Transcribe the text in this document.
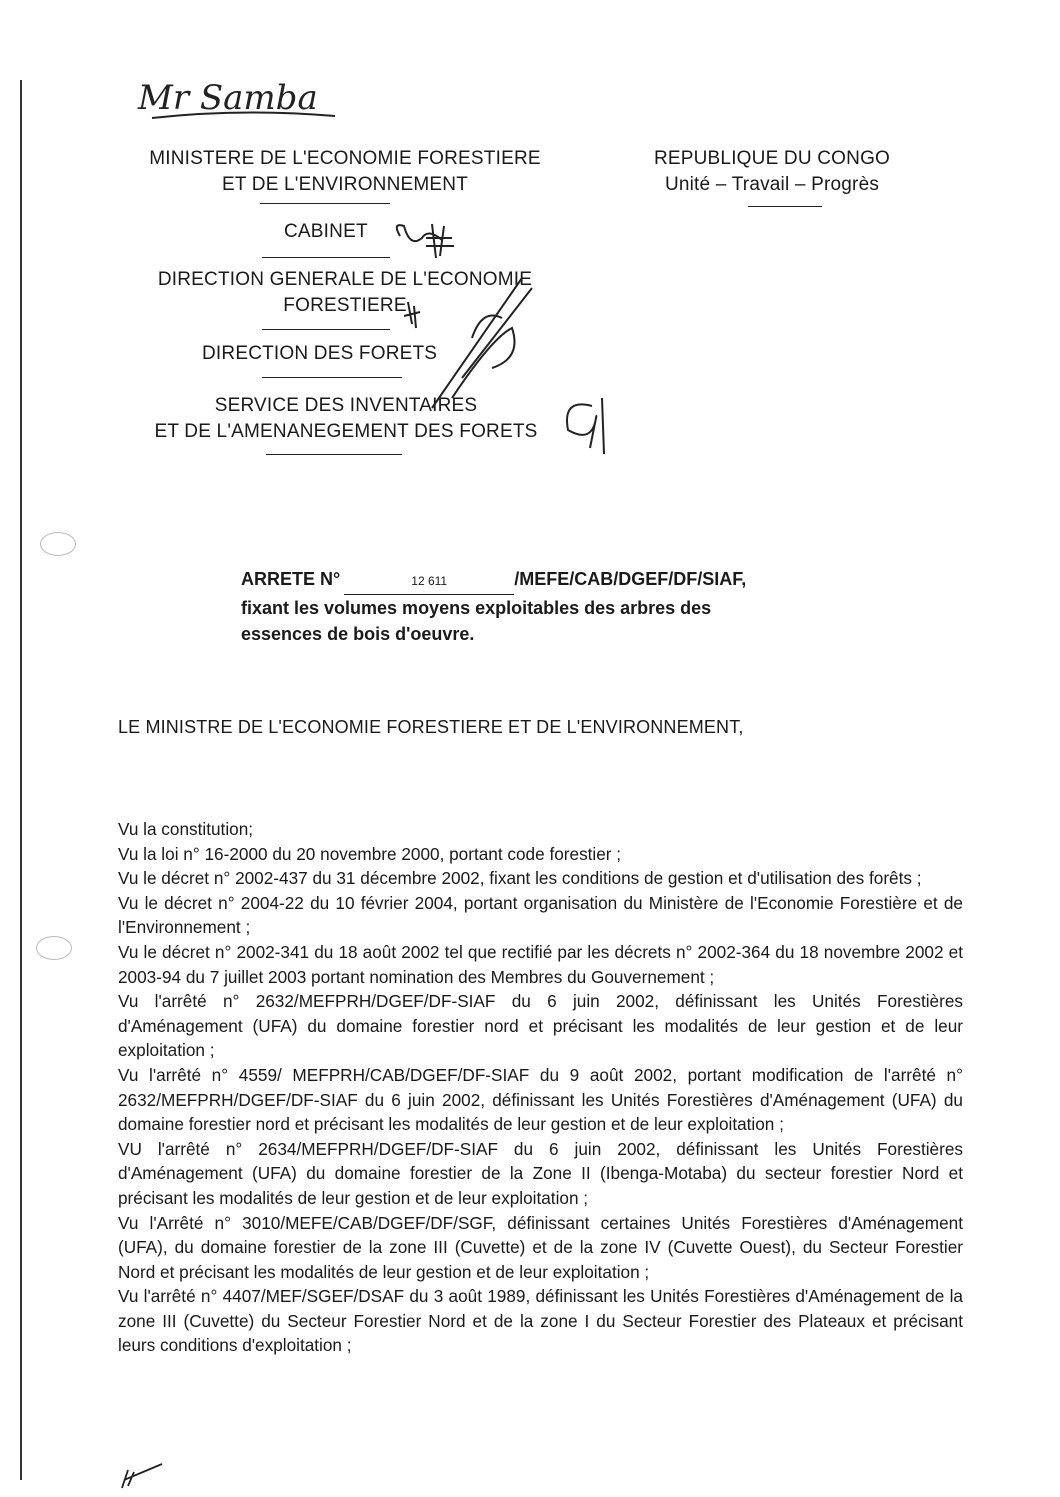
Mr Samba
MINISTERE DE L'ECONOMIE FORESTIERE
ET DE L'ENVIRONNEMENT
CABINET
DIRECTION GENERALE DE L'ECONOMIE
FORESTIERE
DIRECTION DES FORETS
SERVICE DES INVENTAIRES
ET DE L'AMENANEGEMENT DES FORETS
REPUBLIQUE DU CONGO
Unité – Travail – Progrès
ARRETE N°	12 611	/MEFE/CAB/DGEF/DF/SIAF,
fixant les volumes moyens exploitables des arbres des
essences de bois d'oeuvre.
LE MINISTRE DE L'ECONOMIE FORESTIERE ET DE L'ENVIRONNEMENT,

Vu la constitution;

Vu la loi n° 16-2000 du 20 novembre 2000, portant code forestier ;

Vu le décret n° 2002-437 du 31 décembre 2002, fixant les conditions de gestion et d'utilisation des forêts ;

Vu le décret n° 2004-22 du 10 février 2004, portant organisation du Ministère de l'Economie Forestière et de l'Environnement ;

Vu le décret n° 2002-341 du 18 août 2002 tel que rectifié par les décrets n° 2002-364 du 18 novembre 2002 et 2003-94 du 7 juillet 2003 portant nomination des Membres du Gouvernement ;

Vu l'arrêté n° 2632/MEFPRH/DGEF/DF-SIAF du 6 juin 2002, définissant les Unités Forestières d'Aménagement (UFA) du domaine forestier nord et précisant les modalités de leur gestion et de leur exploitation ;

Vu l'arrêté n° 4559/ MEFPRH/CAB/DGEF/DF-SIAF du 9 août 2002, portant modification de l'arrêté n° 2632/MEFPRH/DGEF/DF-SIAF du 6 juin 2002, définissant les Unités Forestières d'Aménagement (UFA) du domaine forestier nord et précisant les modalités de leur gestion et de leur exploitation ;

VU l'arrêté n° 2634/MEFPRH/DGEF/DF-SIAF du 6 juin 2002, définissant les Unités Forestières d'Aménagement (UFA) du domaine forestier de la Zone II (Ibenga-Motaba) du secteur forestier Nord et précisant les modalités de leur gestion et de leur exploitation ;

Vu l'Arrêté n° 3010/MEFE/CAB/DGEF/DF/SGF, définissant certaines Unités Forestières d'Aménagement (UFA), du domaine forestier de la zone III (Cuvette) et de la zone IV (Cuvette Ouest), du Secteur Forestier Nord et précisant les modalités de leur gestion et de leur exploitation ;

Vu l'arrêté n° 4407/MEF/SGEF/DSAF du 3 août 1989, définissant les Unités Forestières d'Aménagement de la zone III (Cuvette) du Secteur Forestier Nord et de la zone I du Secteur Forestier des Plateaux et précisant leurs conditions d'exploitation ;
